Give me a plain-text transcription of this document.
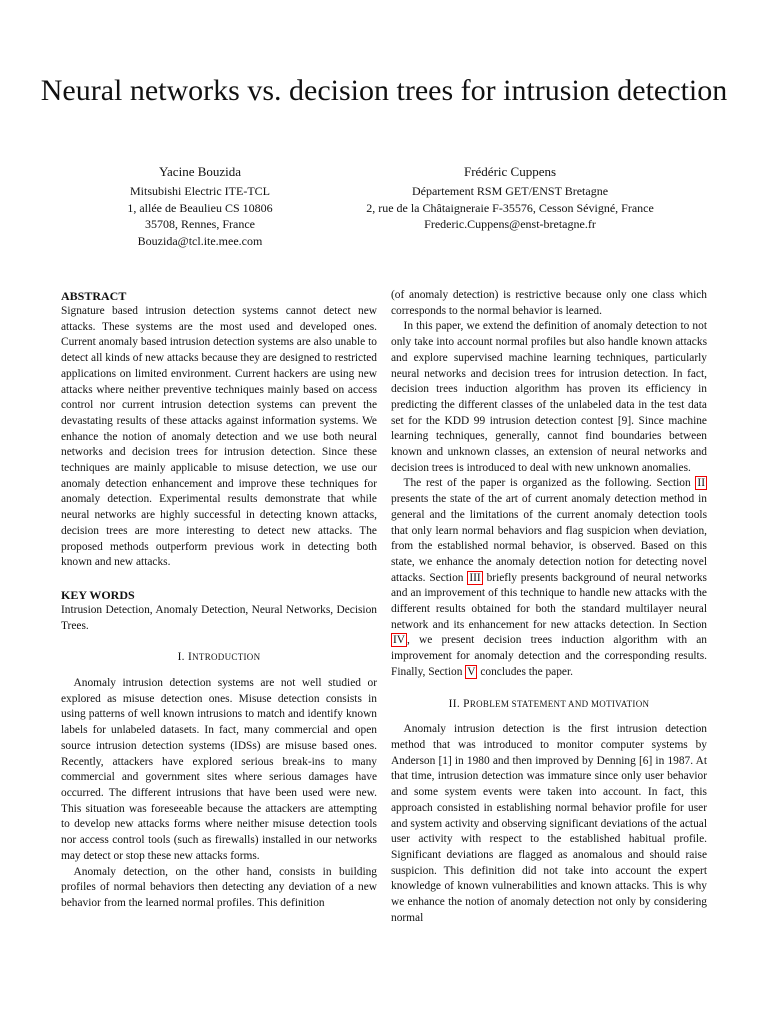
Neural networks vs. decision trees for intrusion detection
Yacine Bouzida
Mitsubishi Electric ITE-TCL
1, allée de Beaulieu CS 10806
35708, Rennes, France
Bouzida@tcl.ite.mee.com
Frédéric Cuppens
Département RSM GET/ENST Bretagne
2, rue de la Châtaigneraie F-35576, Cesson Sévigné, France
Frederic.Cuppens@enst-bretagne.fr

ABSTRACT

Signature based intrusion detection systems cannot detect new attacks. These systems are the most used and developed ones. Current anomaly based intrusion detection systems are also unable to detect all kinds of new attacks because they are designed to restricted applications on limited environment. Current hackers are using new attacks where neither preventive techniques mainly based on access control nor current intrusion detection systems can prevent the devastating results of these attacks against information systems. We enhance the notion of anomaly detection and we use both neural networks and decision trees for intrusion detection. Since these techniques are mainly applicable to misuse detection, we use our anomaly detection enhancement and improve these techniques for anomaly detection. Experimental results demonstrate that while neural networks are highly successful in detecting known attacks, decision trees are more interesting to detect new attacks. The proposed methods outperform previous work in detecting both known and new attacks.

KEY WORDS

Intrusion Detection, Anomaly Detection, Neural Networks, Decision Trees.

I. INTRODUCTION

Anomaly intrusion detection systems are not well studied or explored as misuse detection ones. Misuse detection consists in using patterns of well known intrusions to match and identify known labels for unlabeled datasets. In fact, many commercial and open source intrusion detection systems (IDSs) are misuse based ones. Recently, attackers have explored serious break-ins to many commercial and government sites where serious damages have occurred. The different intrusions that have been used were new. This situation was foreseeable because the attackers are attempting to develop new attacks forms where neither misuse detection tools nor access control tools (such as firewalls) installed in our networks may detect or stop these new attacks forms.

Anomaly detection, on the other hand, consists in building profiles of normal behaviors then detecting any deviation of a new behavior from the learned normal profiles. This definition

(of anomaly detection) is restrictive because only one class which corresponds to the normal behavior is learned.

In this paper, we extend the definition of anomaly detection to not only take into account normal profiles but also handle known attacks and explore supervised machine learning techniques, particularly neural networks and decision trees for intrusion detection. In fact, decision trees induction algorithm has proven its efficiency in predicting the different classes of the unlabeled data in the test data set for the KDD 99 intrusion detection contest [9]. Since machine learning techniques, generally, cannot find boundaries between known and unknown classes, an extension of neural networks and decision trees is introduced to deal with new unknown anomalies.

The rest of the paper is organized as the following. Section II presents the state of the art of current anomaly detection method in general and the limitations of the current anomaly detection tools that only learn normal behaviors and flag suspicion when deviation, from the established normal behavior, is observed. Based on this state, we enhance the anomaly detection notion for detecting novel attacks. Section III briefly presents background of neural networks and an improvement of this technique to handle new attacks with the different results obtained for both the standard multilayer neural network and its enhancement for new attacks detection. In Section IV , we present decision trees induction algorithm with an improvement for anomaly detection and the corresponding results. Finally, Section V concludes the paper.

II. PROBLEM STATEMENT AND MOTIVATION

Anomaly intrusion detection is the first intrusion detection method that was introduced to monitor computer systems by Anderson [1] in 1980 and then improved by Denning [6] in 1987. At that time, intrusion detection was immature since only user behavior and some system events were taken into account. In fact, this approach consisted in establishing normal behavior profile for user and system activity and observing significant deviations of the actual user activity with respect to the established habitual profile. Significant deviations are flagged as anomalous and should raise suspicion. This definition did not take into account the expert knowledge of known vulnerabilities and known attacks. This is why we enhance the notion of anomaly detection not only by considering normal
